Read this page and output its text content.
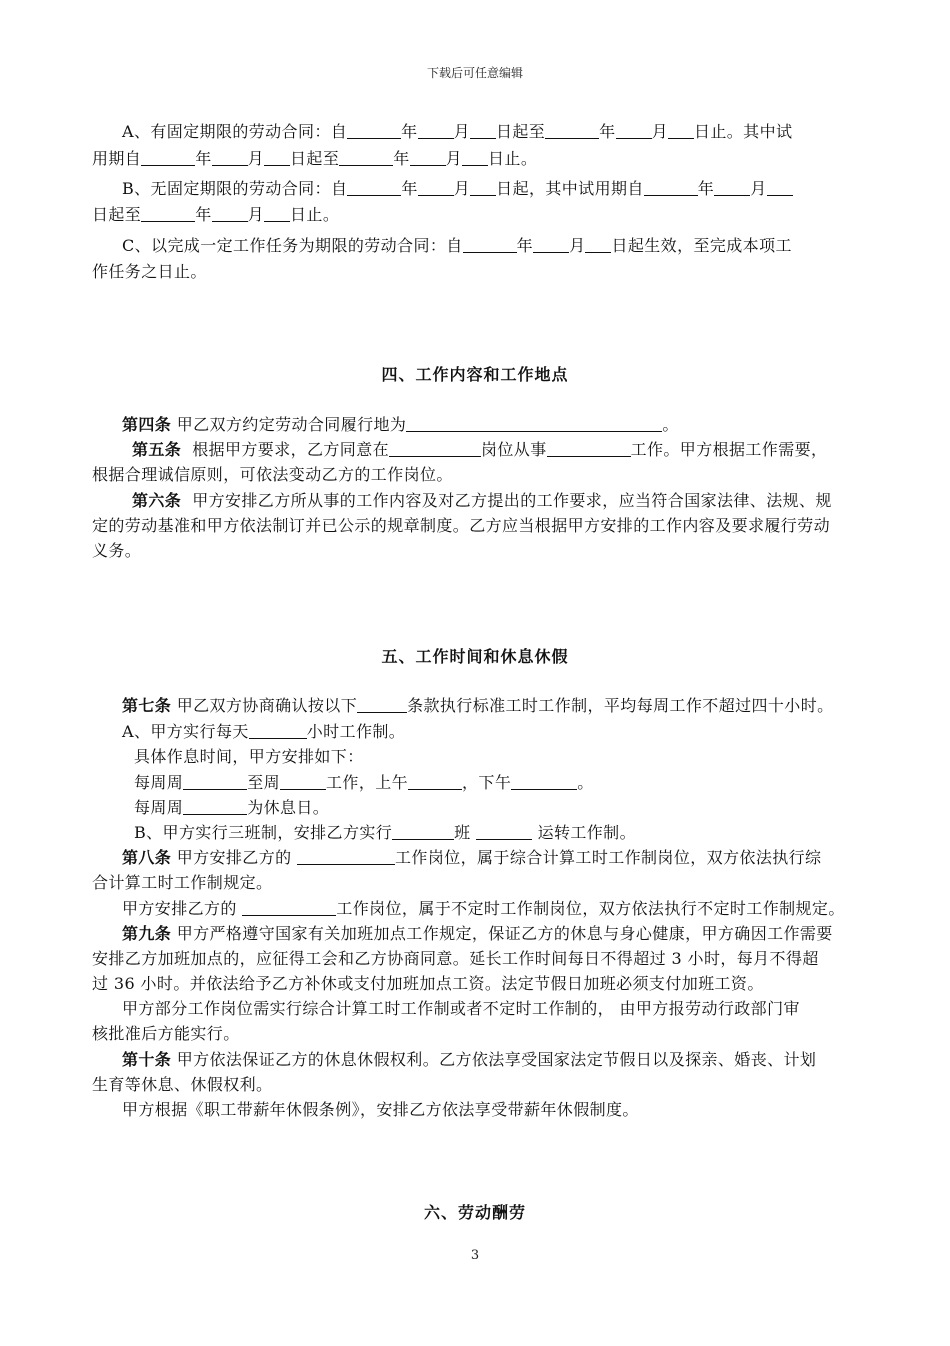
下载后可任意编辑
A、有固定期限的劳动合同：自	年 月 日起至	年 月 日止。其中试
用期自	年 月 日起至	年 月 日止。
B、无固定期限的劳动合同：自	年 月 日起，其中试用期自	年 月
日起至	年 月 日止。
C、以完成一定工作任务为期限的劳动合同：自	年 月 日起生效，至完成本项工
作任务之日止。
四、工作内容和工作地点
第四条 甲乙双方约定劳动合同履行地为	。
第五条 根据甲方要求，乙方同意在	岗位从事	工作。甲方根据工作需要，
根据合理诚信原则，可依法变动乙方的工作岗位。
第六条 甲方安排乙方所从事的工作内容及对乙方提出的工作要求，应当符合国家法律、法规、规
定的劳动基准和甲方依法制订并已公示的规章制度。乙方应当根据甲方安排的工作内容及要求履行劳动
义务。
五、工作时间和休息休假
第七条 甲乙双方协商确认按以下	条款执行标准工时工作制，平均每周工作不超过四十小时。
A、甲方实行每天	小时工作制。
具体作息时间，甲方安排如下：
每周周	至周	工作，上午	，下午	。
每周周	为休息日。
B、甲方实行三班制，安排乙方实行	班	运转工作制。
第八条 甲方安排乙方的	工作岗位，属于综合计算工时工作制岗位，双方依法执行综
合计算工时工作制规定。
甲方安排乙方的	工作岗位，属于不定时工作制岗位，双方依法执行不定时工作制规定。
第九条 甲方严格遵守国家有关加班加点工作规定，保证乙方的休息与身心健康，甲方确因工作需要
安排乙方加班加点的，应征得工会和乙方协商同意。延长工作时间每日不得超过 3 小时，每月不得超
过 36 小时。并依法给予乙方补休或支付加班加点工资。法定节假日加班必须支付加班工资。
甲方部分工作岗位需实行综合计算工时工作制或者不定时工作制的， 由甲方报劳动行政部门审
核批准后方能实行。
第十条 甲方依法保证乙方的休息休假权利。乙方依法享受国家法定节假日以及探亲、婚丧、计划
生育等休息、休假权利。
甲方根据《职工带薪年休假条例》，安排乙方依法享受带薪年休假制度。
六、劳动酬劳
3
